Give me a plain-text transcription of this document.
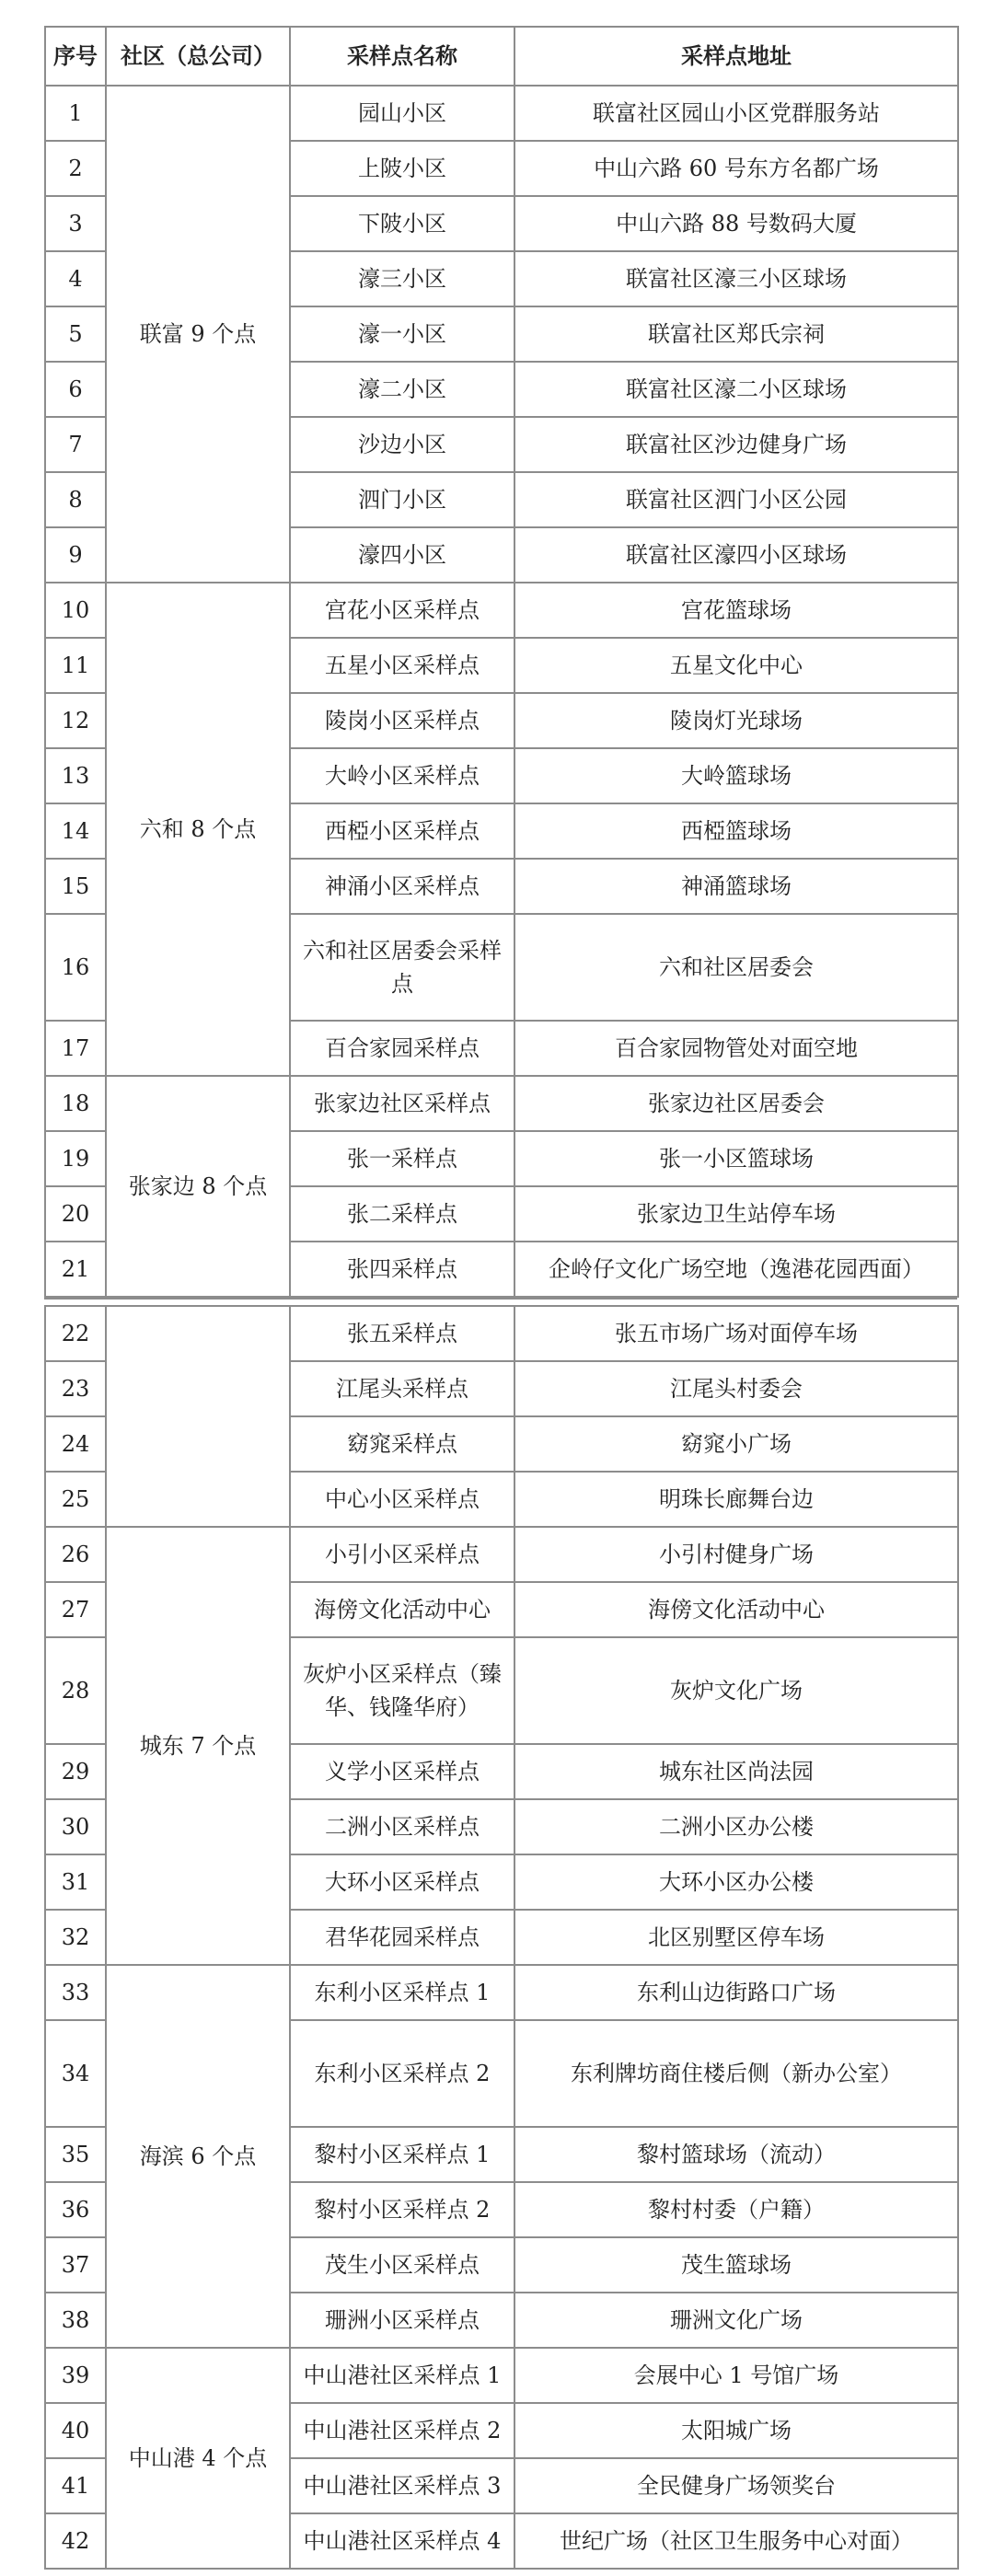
序号	社区（总公司）	采样点名称	采样点地址
1	联富 9 个点	园山小区	联富社区园山小区党群服务站
2		上陂小区	中山六路 60 号东方名都广场
3		下陂小区	中山六路 88 号数码大厦
4		濠三小区	联富社区濠三小区球场
5		濠一小区	联富社区郑氏宗祠
6		濠二小区	联富社区濠二小区球场
7		沙边小区	联富社区沙边健身广场
8		泗门小区	联富社区泗门小区公园
9		濠四小区	联富社区濠四小区球场
10	六和 8 个点	宫花小区采样点	宫花篮球场
11		五星小区采样点	五星文化中心
12		陵岗小区采样点	陵岗灯光球场
13		大岭小区采样点	大岭篮球场
14		西椏小区采样点	西椏篮球场
15		神涌小区采样点	神涌篮球场
16		六和社区居委会采样点	六和社区居委会
17		百合家园采样点	百合家园物管处对面空地
18	张家边 8 个点	张家边社区采样点	张家边社区居委会
19		张一采样点	张一小区篮球场
20		张二采样点	张家边卫生站停车场
21		张四采样点	企岭仔文化广场空地（逸港花园西面）
22		张五采样点	张五市场广场对面停车场
23		江尾头采样点	江尾头村委会
24		窈窕采样点	窈窕小广场
25		中心小区采样点	明珠长廊舞台边
26	城东 7 个点	小引小区采样点	小引村健身广场
27		海傍文化活动中心	海傍文化活动中心
28		灰炉小区采样点（臻华、钱隆华府）	灰炉文化广场
29		义学小区采样点	城东社区尚法园
30		二洲小区采样点	二洲小区办公楼
31		大环小区采样点	大环小区办公楼
32		君华花园采样点	北区别墅区停车场
33	海滨 6 个点	东利小区采样点 1	东利山边街路口广场
34		东利小区采样点 2	东利牌坊商住楼后侧（新办公室）
35		黎村小区采样点 1	黎村篮球场（流动）
36		黎村小区采样点 2	黎村村委（户籍）
37		茂生小区采样点	茂生篮球场
38		珊洲小区采样点	珊洲文化广场
39	中山港 4 个点	中山港社区采样点 1	会展中心 1 号馆广场
40		中山港社区采样点 2	太阳城广场
41		中山港社区采样点 3	全民健身广场领奖台
42		中山港社区采样点 4	世纪广场（社区卫生服务中心对面）
